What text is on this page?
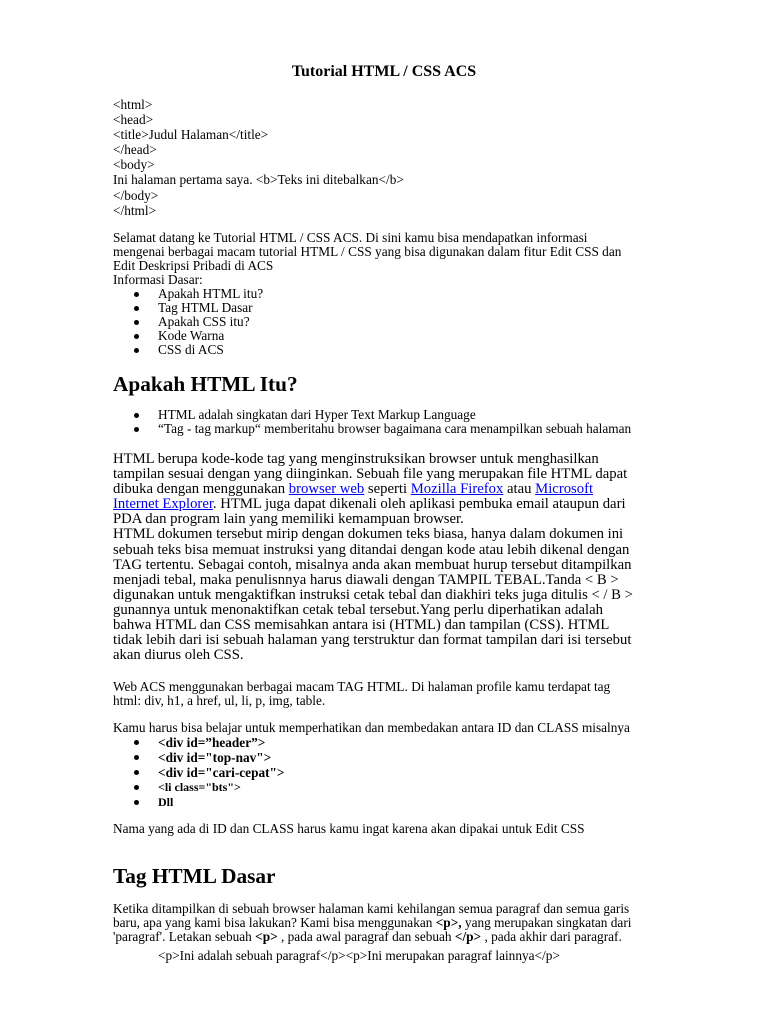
Tutorial HTML / CSS ACS
<html>
<head>
<title>Judul Halaman</title>
</head>
<body>
Ini halaman pertama saya. <b>Teks ini ditebalkan</b>
</body>
</html>
Selamat datang ke Tutorial HTML / CSS ACS. Di sini kamu bisa mendapatkan informasi
mengenai berbagai macam tutorial HTML / CSS yang bisa digunakan dalam fitur Edit CSS dan
Edit Deskripsi Pribadi di ACS
Informasi Dasar:
Apakah HTML itu?
Tag HTML Dasar
Apakah CSS itu?
Kode Warna
CSS di ACS
Apakah HTML Itu?
HTML adalah singkatan dari Hyper Text Markup Language
“Tag - tag markup“ memberitahu browser bagaimana cara menampilkan sebuah halaman
HTML berupa kode-kode tag yang menginstruksikan browser untuk menghasilkan
tampilan sesuai dengan yang diinginkan. Sebuah file yang merupakan file HTML dapat
dibuka dengan menggunakan browser web seperti Mozilla Firefox atau Microsoft
Internet Explorer. HTML juga dapat dikenali oleh aplikasi pembuka email ataupun dari
PDA dan program lain yang memiliki kemampuan browser.
HTML dokumen tersebut mirip dengan dokumen teks biasa, hanya dalam dokumen ini
sebuah teks bisa memuat instruksi yang ditandai dengan kode atau lebih dikenal dengan
TAG tertentu. Sebagai contoh, misalnya anda akan membuat hurup tersebut ditampilkan
menjadi tebal, maka penulisnnya harus diawali dengan TAMPIL TEBAL.Tanda < B >
digunakan untuk mengaktifkan instruksi cetak tebal dan diakhiri teks juga ditulis < / B >
gunannya untuk menonaktifkan cetak tebal tersebut.Yang perlu diperhatikan adalah
bahwa HTML dan CSS memisahkan antara isi (HTML) dan tampilan (CSS). HTML
tidak lebih dari isi sebuah halaman yang terstruktur dan format tampilan dari isi tersebut
akan diurus oleh CSS.
Web ACS menggunakan berbagai macam TAG HTML. Di halaman profile kamu terdapat tag
html: div, h1, a href, ul, li, p, img, table.
Kamu harus bisa belajar untuk memperhatikan dan membedakan antara ID dan CLASS misalnya
<div id=”header”>
<div id="top-nav">
<div id="cari-cepat">
<li class="bts">
Dll
Nama yang ada di ID dan CLASS harus kamu ingat karena akan dipakai untuk Edit CSS
Tag HTML Dasar
Ketika ditampilkan di sebuah browser halaman kami kehilangan semua paragraf dan semua garis
baru, apa yang kami bisa lakukan? Kami bisa menggunakan <p>, yang merupakan singkatan dari
'paragraf'. Letakan sebuah <p> , pada awal paragraf dan sebuah </p> , pada akhir dari paragraf.
<p>Ini adalah sebuah paragraf</p><p>Ini merupakan paragraf lainnya</p>
